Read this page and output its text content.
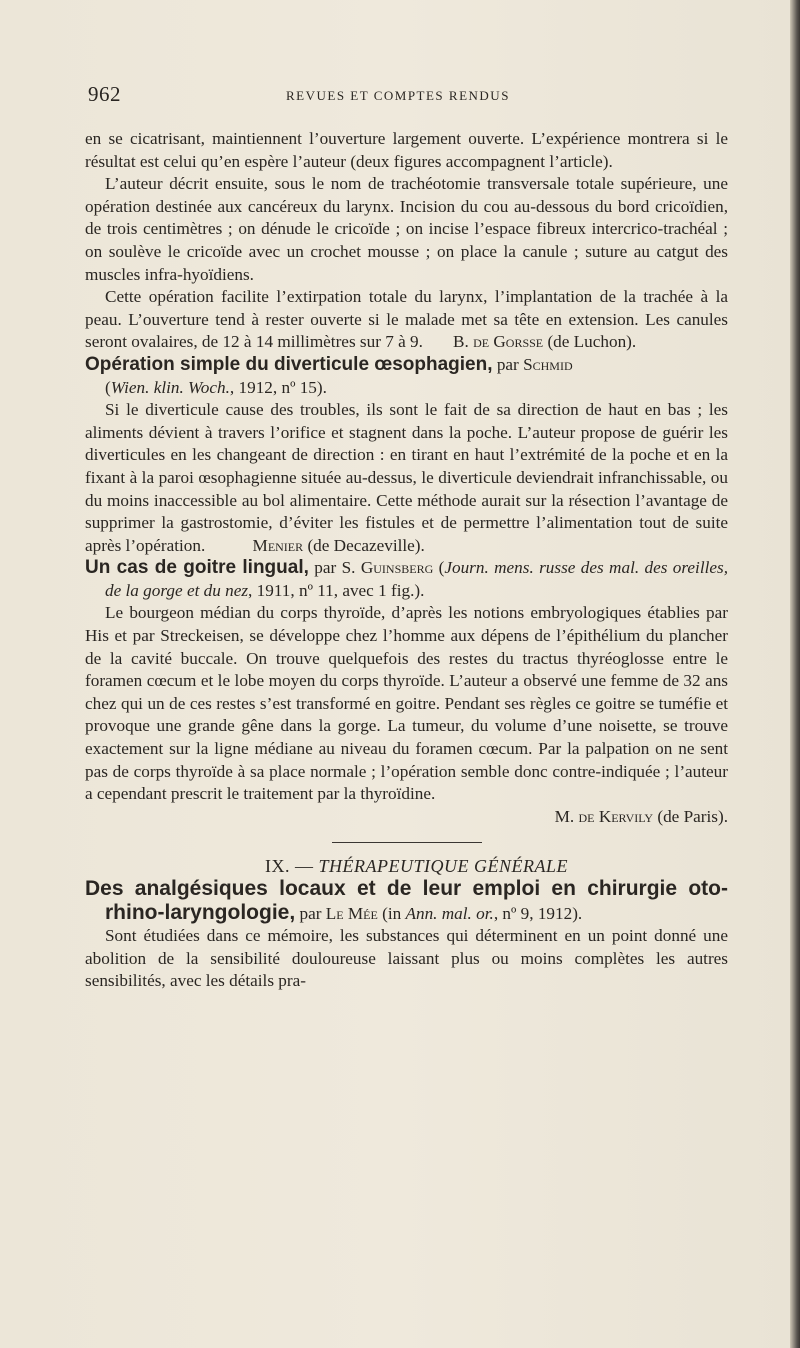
962	REVUES ET COMPTES RENDUS

en se cicatrisant, maintiennent l’ouverture largement ouverte. L’expérience montrera si le résultat est celui qu’en espère l’auteur (deux figures accompagnent l’article).

L’auteur décrit ensuite, sous le nom de trachéotomie transversale totale supérieure, une opération destinée aux cancéreux du larynx. Incision du cou au-dessous du bord cricoïdien, de trois centimètres ; on dénude le cricoïde ; on incise l’espace fibreux intercrico-trachéal ; on soulève le cricoïde avec un crochet mousse ; on place la canule ; suture au catgut des muscles infra-hyoïdiens.

Cette opération facilite l’extirpation totale du larynx, l’implantation de la trachée à la peau. L’ouverture tend à rester ouverte si le malade met sa tête en extension. Les canules seront ovalaires, de 12 à 14 millimètres sur 7 à 9. B. de Gorsse (de Luchon).

Opération simple du diverticule œsophagien, par Schmid
(Wien. klin. Woch., 1912, nº 15).

Si le diverticule cause des troubles, ils sont le fait de sa direction de haut en bas ; les aliments dévient à travers l’orifice et stagnent dans la poche. L’auteur propose de guérir les diverticules en les changeant de direction : en tirant en haut l’extrémité de la poche et en la fixant à la paroi œsophagienne située au-dessus, le diverticule deviendrait infranchissable, ou du moins inaccessible au bol alimentaire. Cette méthode aurait sur la résection l’avantage de supprimer la gastrostomie, d’éviter les fistules et de permettre l’alimentation tout de suite après l’opération.	Menier (de Decazeville).

Un cas de goitre lingual, par S. Guinsberg (Journ. mens. russe des mal. des oreilles, de la gorge et du nez, 1911, nº 11, avec 1 fig.).

Le bourgeon médian du corps thyroïde, d’après les notions embryologiques établies par His et par Streckeisen, se développe chez l’homme aux dépens de l’épithélium du plancher de la cavité buccale. On trouve quelquefois des restes du tractus thyréoglosse entre le foramen cœcum et le lobe moyen du corps thyroïde. L’auteur a observé une femme de 32 ans chez qui un de ces restes s’est transformé en goitre. Pendant ses règles ce goitre se tuméfie et provoque une grande gêne dans la gorge. La tumeur, du volume d’une noisette, se trouve exactement sur la ligne médiane au niveau du foramen cœcum. Par la palpation on ne sent pas de corps thyroïde à sa place normale ; l’opération semble donc contre-indiquée ; l’auteur a cependant prescrit le traitement par la thyroïdine.

M. de Kervily (de Paris).

IX. — THÉRAPEUTIQUE GÉNÉRALE

Des analgésiques locaux et de leur emploi en chirurgie oto-rhino-laryngologie, par Le Mée (in Ann. mal. or., nº 9, 1912).

Sont étudiées dans ce mémoire, les substances qui déterminent en un point donné une abolition de la sensibilité douloureuse laissant plus ou moins complètes les autres sensibilités, avec les détails pra-
